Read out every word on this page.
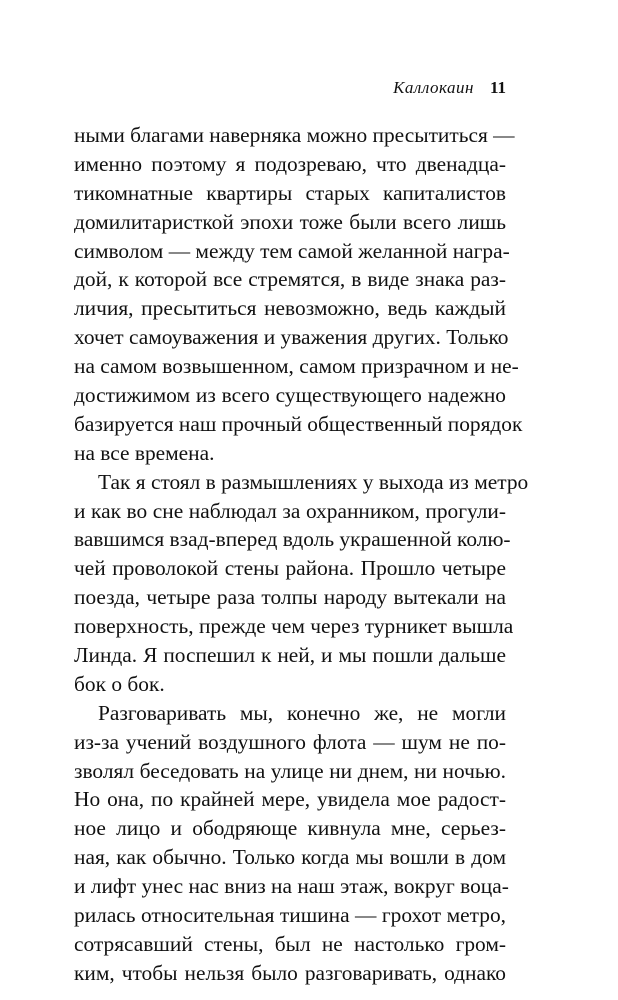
Каллокаин 11
ными благами наверняка можно пресытиться —
именно поэтому я подозреваю, что двенадца-
тикомнатные квартиры старых капиталистов
домилитаристкой эпохи тоже были всего лишь
символом — между тем самой желанной награ-
дой, к которой все стремятся, в виде знака раз-
личия, пресытиться невозможно, ведь каждый
хочет самоуважения и уважения других. Только
на самом возвышенном, самом призрачном и не-
достижимом из всего существующего надежно
базируется наш прочный общественный порядок
на все времена.
Так я стоял в размышлениях у выхода из метро
и как во сне наблюдал за охранником, прогули-
вавшимся взад-вперед вдоль украшенной колю-
чей проволокой стены района. Прошло четыре
поезда, четыре раза толпы народу вытекали на
поверхность, прежде чем через турникет вышла
Линда. Я поспешил к ней, и мы пошли дальше
бок о бок.
Разговаривать мы, конечно же, не могли
из-за учений воздушного флота — шум не по-
зволял беседовать на улице ни днем, ни ночью.
Но она, по крайней мере, увидела мое радост-
ное лицо и ободряюще кивнула мне, серьез-
ная, как обычно. Только когда мы вошли в дом
и лифт унес нас вниз на наш этаж, вокруг воца-
рилась относительная тишина — грохот метро,
сотрясавший стены, был не настолько гром-
ким, чтобы нельзя было разговаривать, однако
